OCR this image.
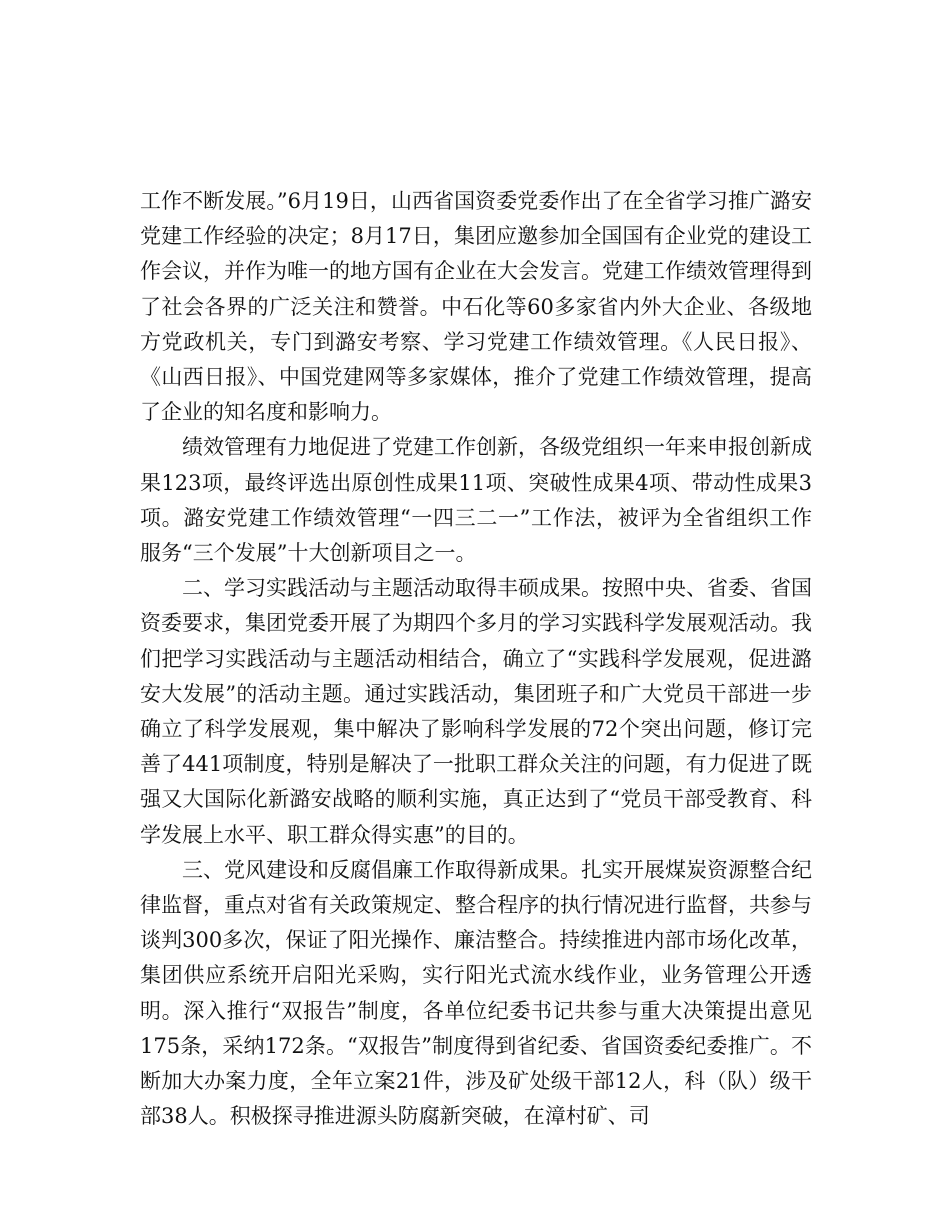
工作不断发展。”6月19日，山西省国资委党委作出了在全省学习推广潞安党建工作经验的决定；8月17日，集团应邀参加全国国有企业党的建设工作会议，并作为唯一的地方国有企业在大会发言。党建工作绩效管理得到了社会各界的广泛关注和赞誉。中石化等60多家省内外大企业、各级地方党政机关，专门到潞安考察、学习党建工作绩效管理。《人民日报》、《山西日报》、中国党建网等多家媒体，推介了党建工作绩效管理，提高了企业的知名度和影响力。

绩效管理有力地促进了党建工作创新，各级党组织一年来申报创新成果123项，最终评选出原创性成果11项、突破性成果4项、带动性成果3项。潞安党建工作绩效管理“一四三二一”工作法，被评为全省组织工作服务“三个发展”十大创新项目之一。

二、学习实践活动与主题活动取得丰硕成果。按照中央、省委、省国资委要求，集团党委开展了为期四个多月的学习实践科学发展观活动。我们把学习实践活动与主题活动相结合，确立了“实践科学发展观，促进潞安大发展”的活动主题。通过实践活动，集团班子和广大党员干部进一步确立了科学发展观，集中解决了影响科学发展的72个突出问题，修订完善了441项制度，特别是解决了一批职工群众关注的问题，有力促进了既强又大国际化新潞安战略的顺利实施，真正达到了“党员干部受教育、科学发展上水平、职工群众得实惠”的目的。

三、党风建设和反腐倡廉工作取得新成果。扎实开展煤炭资源整合纪律监督，重点对省有关政策规定、整合程序的执行情况进行监督，共参与谈判300多次，保证了阳光操作、廉洁整合。持续推进内部市场化改革，集团供应系统开启阳光采购，实行阳光式流水线作业，业务管理公开透明。深入推行“双报告”制度，各单位纪委书记共参与重大决策提出意见175条，采纳172条。“双报告”制度得到省纪委、省国资委纪委推广。不断加大办案力度，全年立案21件，涉及矿处级干部12人，科（队）级干部38人。积极探寻推进源头防腐新突破，在漳村矿、司
